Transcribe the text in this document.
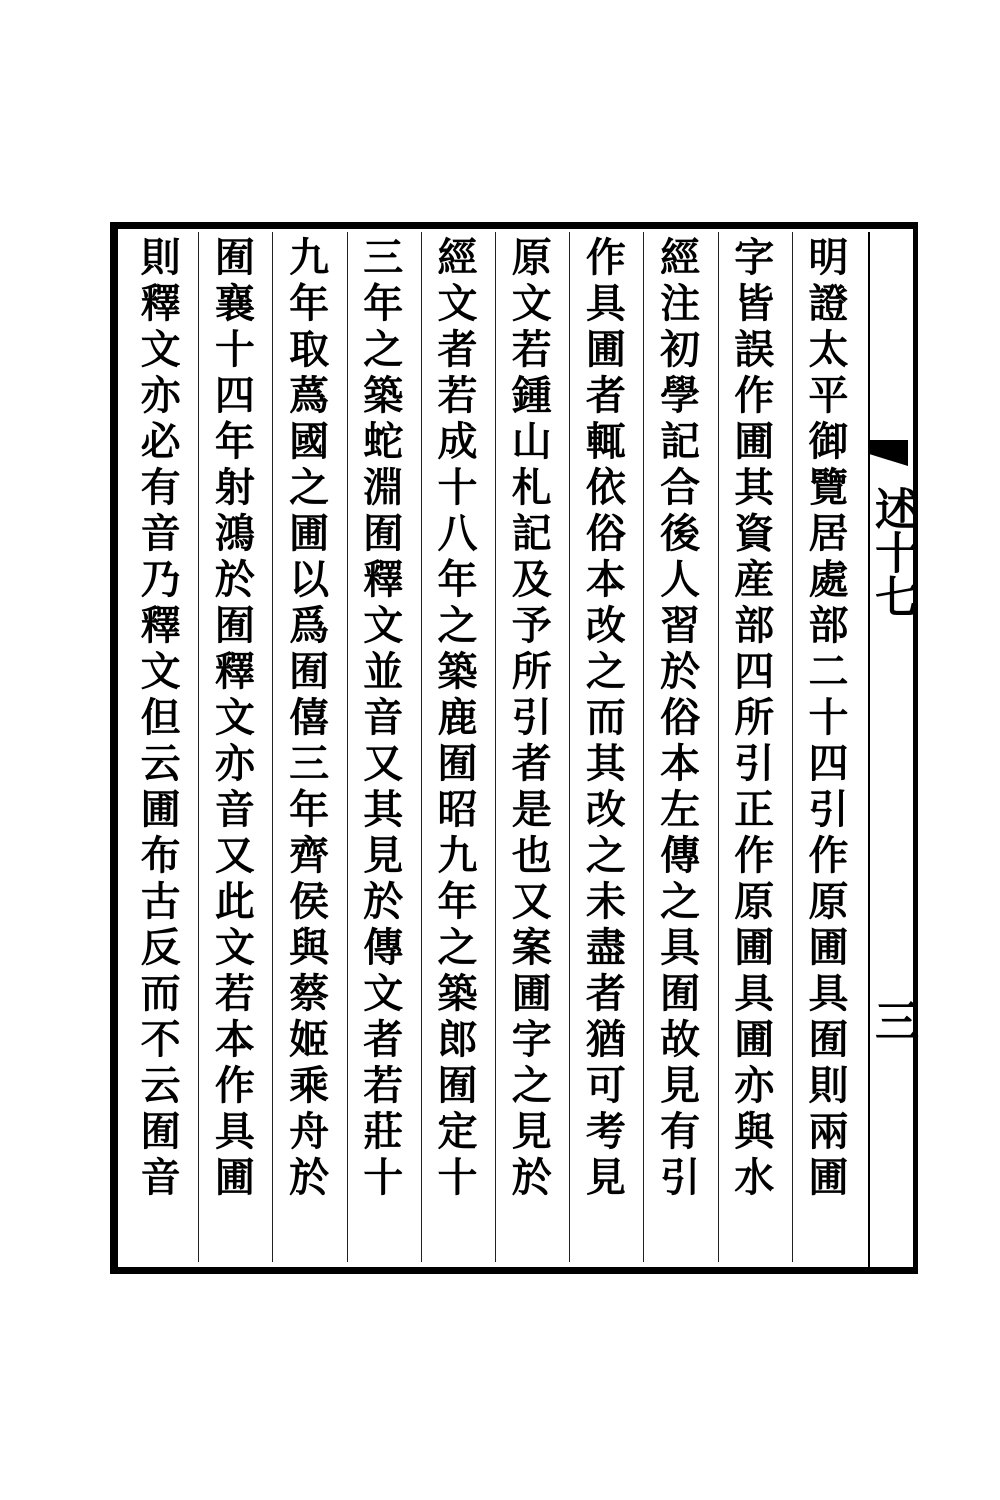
述十七
三
明證太平御覽居處部二十四引作原圃具囿則兩圃
字皆誤作圃其資産部四所引正作原圃具圃亦與水
經注初學記合後人習於俗本左傳之具囿故見有引
作具圃者輒依俗本改之而其改之未盡者猶可考見
原文若鍾山札記及予所引者是也又案圃字之見於
經文者若成十八年之築鹿囿昭九年之築郎囿定十
三年之築蛇淵囿釋文並音又其見於傳文者若莊十
九年取蔿國之圃以爲囿僖三年齊侯與蔡姬乘舟於
囿襄十四年射鴻於囿釋文亦音又此文若本作具圃
則釋文亦必有音乃釋文但云圃布古反而不云囿音
